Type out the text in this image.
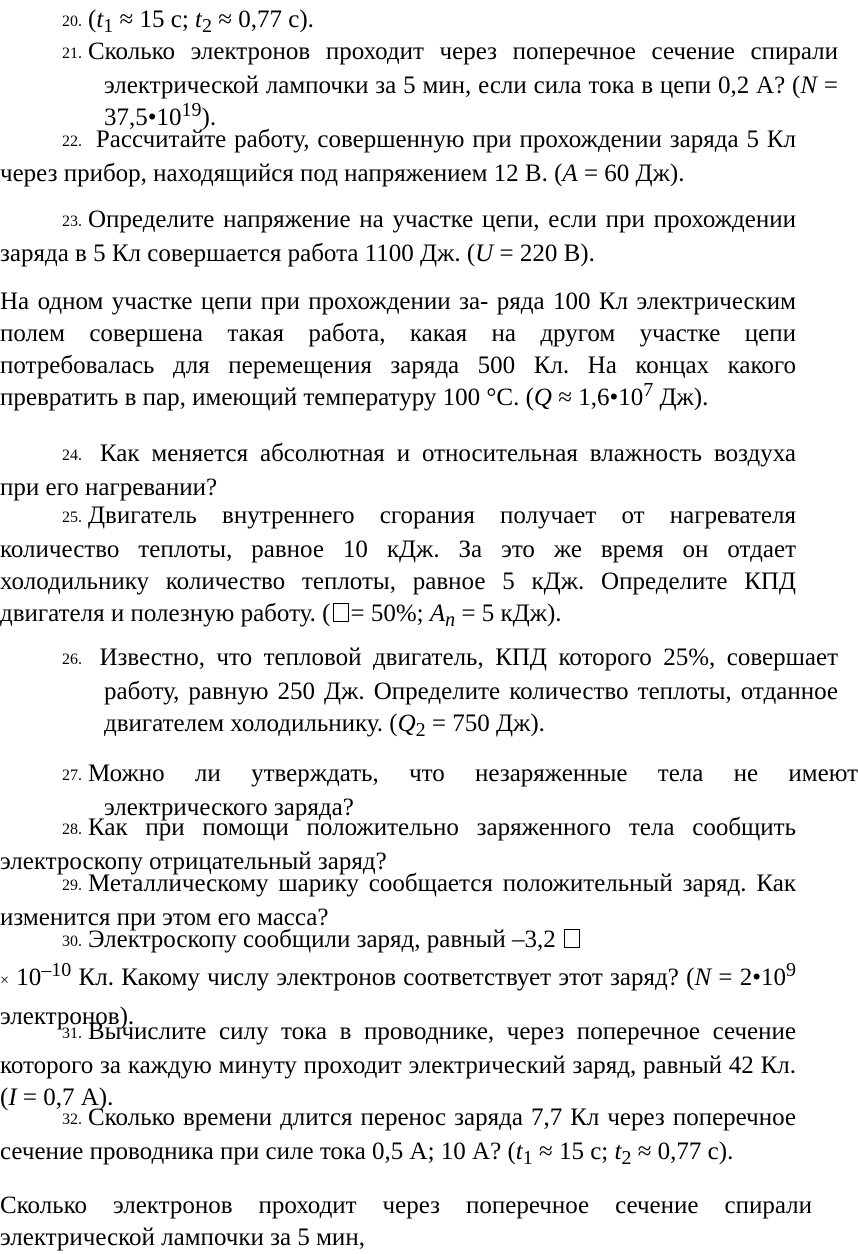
20. ($t_1 \approx 15$ с; $t_2 \approx 0,77$ с).

21. Сколько электронов проходит через поперечное сечение спирали электрической лампочки за 5 мин, если сила тока в цепи 0,2 А? $(N = 37,5•10^{19})$.

22. Рассчитайте работу, совершенную при прохождении заряда 5 Кл через прибор, находящийся под напряжением 12 В. (A = 60 Дж).

23. Определите напряжение на участке цепи, если при прохождении заряда в 5 Кл совершается работа 1100 Дж. (U = 220 В).

На одном участке цепи при прохождении за- ряда 100 Кл электрическим полем совершена такая работа, какая на другом участке цепи потребовалась для перемещения заряда 500 Кл. На концах какого превратить в пар, имеющий температуру 100 °С. ($Q \approx 1,6•10^7$ Дж).

24. Как меняется абсолютная и относительная влажность воздуха при его нагревании?

25. Двигатель внутреннего сгорания получает от нагревателя количество теплоты, равное 10 кДж. За это же время он отдает холодильнику количество теплоты, равное 5 кДж. Определите КПД двигателя и полезную работу. ( = 50%; $A_п = 5$ кДж).

26. Известно, что тепловой двигатель, КПД которого 25%, совершает работу, равную 250 Дж. Определите количество теплоты, отданное двигателем холодильнику. ($Q_2 = 750$ Дж).

27. Можно ли утверждать, что незаряженные тела не имеют электрического заряда?

28. Как при помощи положительно заряженного тела сообщить электроскопу отрицательный заряд?

29. Металлическому шарику сообщается положительный заряд. Как изменится при этом его масса?

30. Электроскопу сообщили заряд, равный –3,2
× $10^{-10}$ Кл. Какому числу электронов соответствует этот заряд? ($N = 2•10^9$ электронов).

31. Вычислите силу тока в проводнике, через поперечное сечение которого за каждую минуту проходит электрический заряд, равный 42 Кл. (I = 0,7 А).

32. Сколько времени длится перенос заряда 7,7 Кл через поперечное сечение проводника при силе тока 0,5 А; 10 А? ($t_1 \approx 15$ с; $t_2 \approx 0,77$ с).

Сколько электронов проходит через поперечное сечение спирали электрической лампочки за 5 мин,
